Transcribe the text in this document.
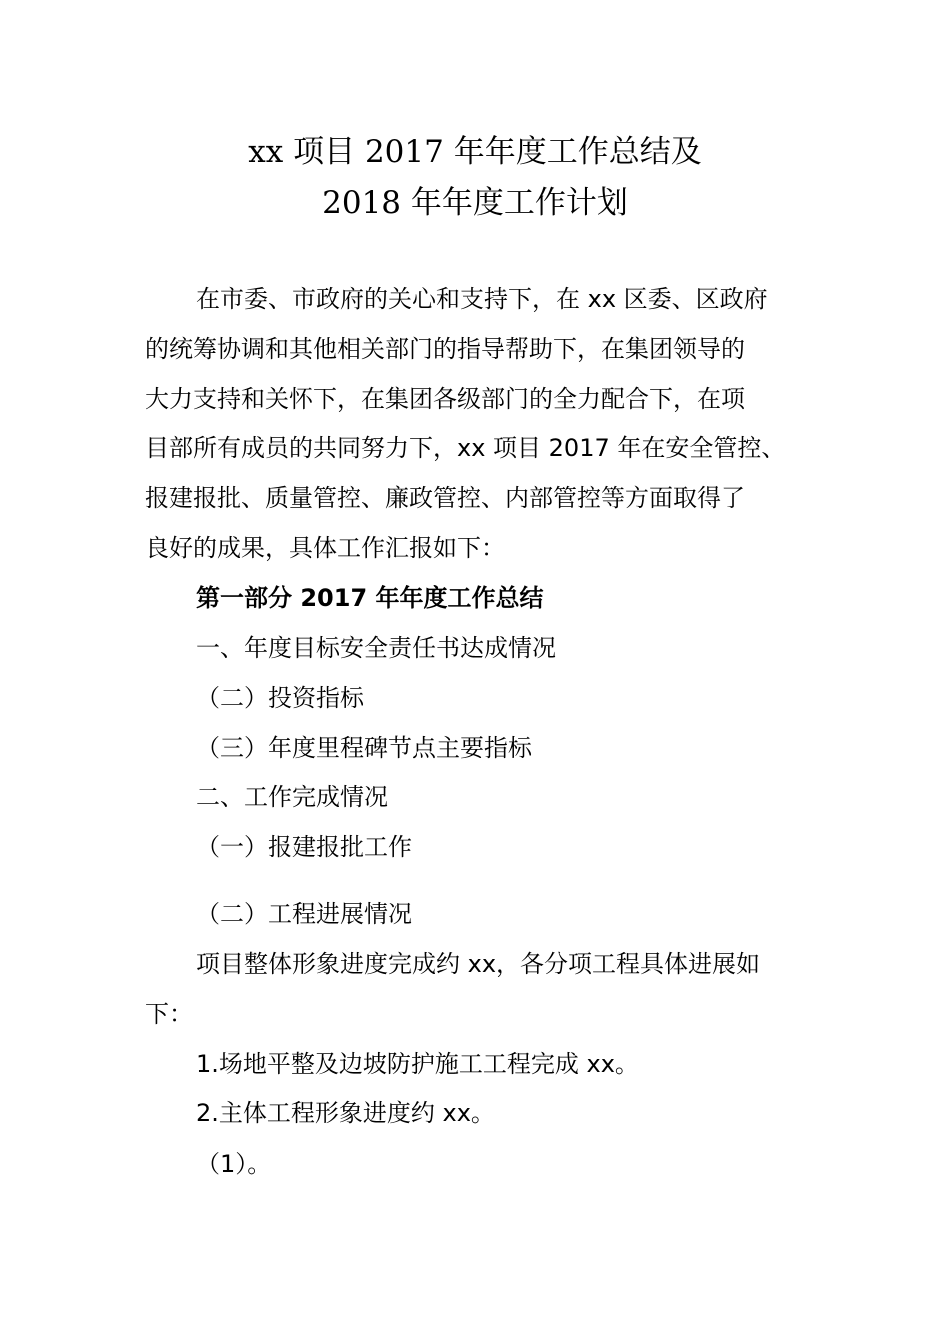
xx 项目 2017 年年度工作总结及
2018 年年度工作计划
在市委、市政府的关心和支持下，在 xx 区委、区政府
的统筹协调和其他相关部门的指导帮助下，在集团领导的
大力支持和关怀下，在集团各级部门的全力配合下，在项
目部所有成员的共同努力下，xx 项目 2017 年在安全管控、
报建报批、质量管控、廉政管控、内部管控等方面取得了
良好的成果，具体工作汇报如下：
第一部分 2017 年年度工作总结
一、年度目标安全责任书达成情况
（二）投资指标
（三）年度里程碑节点主要指标
二、工作完成情况
（一）报建报批工作
（二）工程进展情况
项目整体形象进度完成约 xx，各分项工程具体进展如
下：
1.场地平整及边坡防护施工工程完成 xx。
2.主体工程形象进度约 xx。
（1）。
